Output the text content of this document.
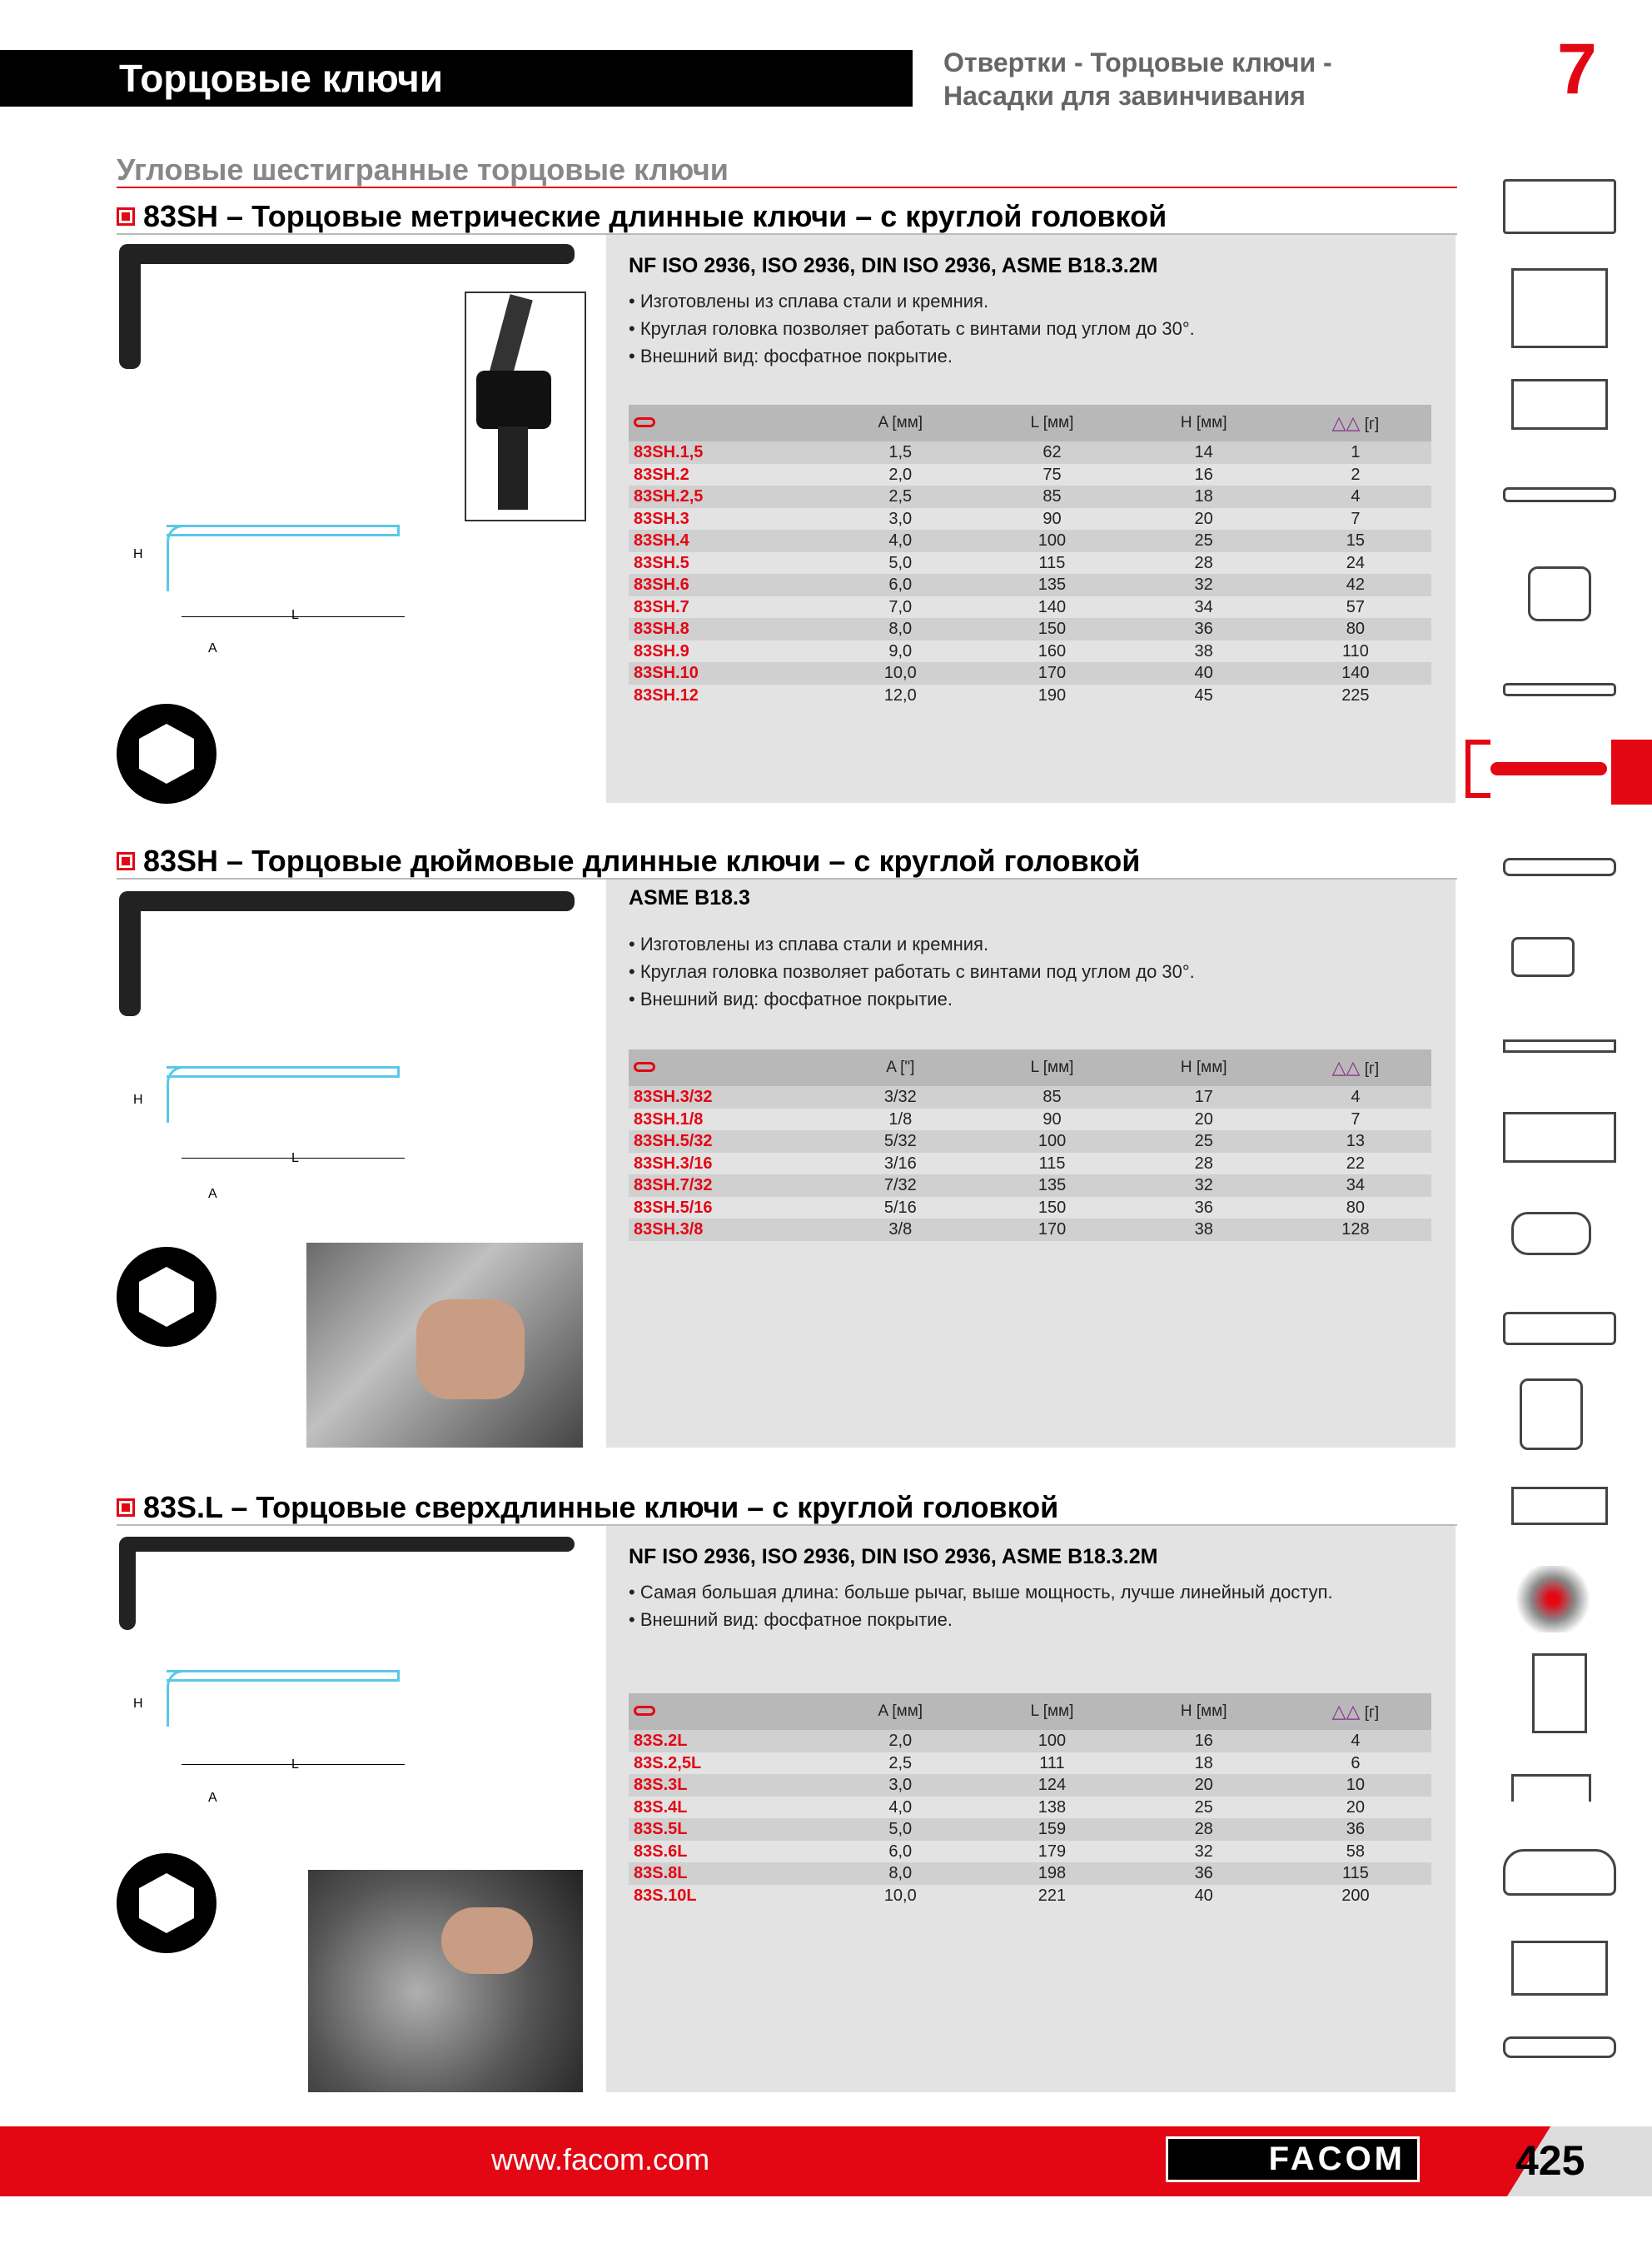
Торцовые ключи	Отвертки - Торцовые ключи -
Насадки для завинчивания	7
Угловые шестигранные торцовые ключи
83SH – Торцовые метрические длинные ключи – с круглой головкой
NF ISO 2936, ISO 2936, DIN ISO 2936, ASME B18.3.2M
• Изготовлены из сплава стали и кремния.
• Круглая головка позволяет работать с винтами под углом до 30°.
• Внешний вид: фосфатное покрытие.
	A [мм]	L [мм]	H [мм]	△△ [г]
83SH.1,5	1,5	62	14	1
83SH.2	2,0	75	16	2
83SH.2,5	2,5	85	18	4
83SH.3	3,0	90	20	7
83SH.4	4,0	100	25	15
83SH.5	5,0	115	28	24
83SH.6	6,0	135	32	42
83SH.7	7,0	140	34	57
83SH.8	8,0	150	36	80
83SH.9	9,0	160	38	110
83SH.10	10,0	170	40	140
83SH.12	12,0	190	45	225
H
L
A
83SH – Торцовые дюймовые длинные ключи – с круглой головкой
ASME B18.3
• Изготовлены из сплава стали и кремния.
• Круглая головка позволяет работать с винтами под углом до 30°.
• Внешний вид: фосфатное покрытие.
	A ["]	L [мм]	H [мм]	△△ [г]
83SH.3/32	3/32	85	17	4
83SH.1/8	1/8	90	20	7
83SH.5/32	5/32	100	25	13
83SH.3/16	3/16	115	28	22
83SH.7/32	7/32	135	32	34
83SH.5/16	5/16	150	36	80
83SH.3/8	3/8	170	38	128
H
L
A
83S.L – Торцовые сверхдлинные ключи – с круглой головкой
NF ISO 2936, ISO 2936, DIN ISO 2936, ASME B18.3.2M
• Самая большая длина: больше рычаг, выше мощность, лучше линейный доступ.
• Внешний вид: фосфатное покрытие.
	A [мм]	L [мм]	H [мм]	△△ [г]
83S.2L	2,0	100	16	4
83S.2,5L	2,5	111	18	6
83S.3L	3,0	124	20	10
83S.4L	4,0	138	25	20
83S.5L	5,0	159	28	36
83S.6L	6,0	179	32	58
83S.8L	8,0	198	36	115
83S.10L	10,0	221	40	200
H
L
A
www.facom.com	FACOM	425
